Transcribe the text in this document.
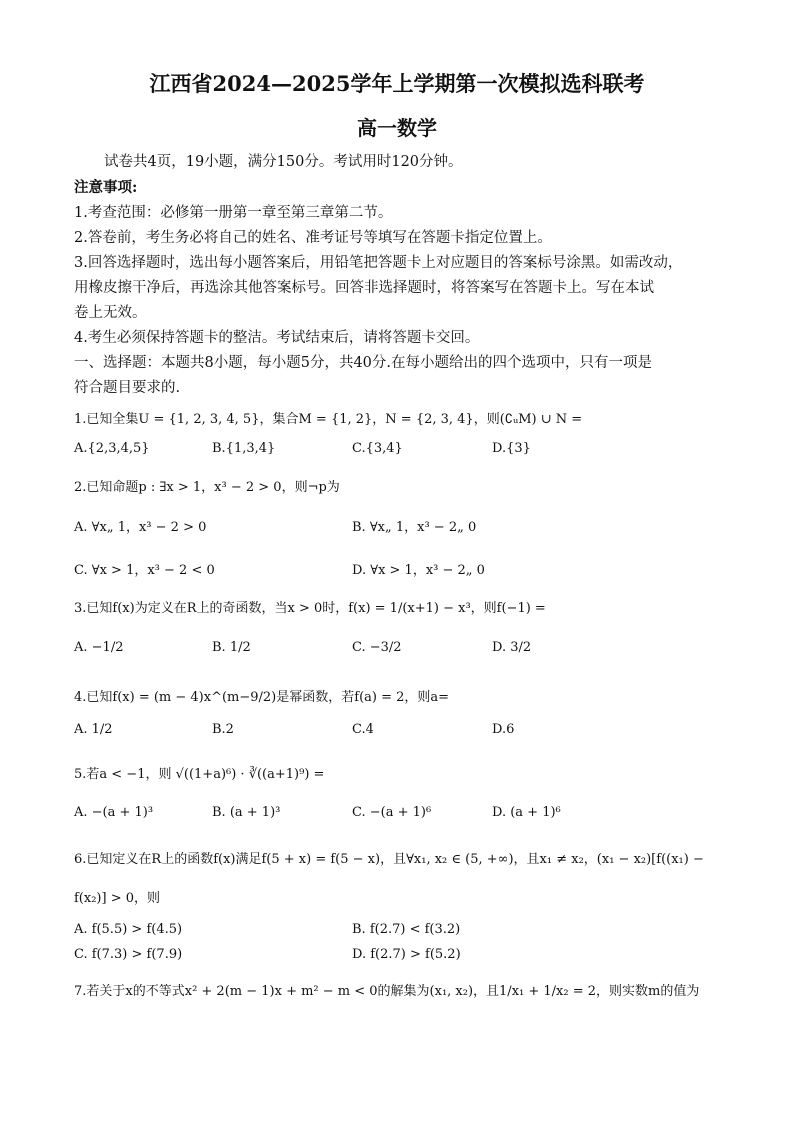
江西省2024—2025学年上学期第一次模拟选科联考
高一数学
试卷共4页，19小题，满分150分。考试用时120分钟。
注意事项:
1.考查范围：必修第一册第一章至第三章第二节。
2.答卷前，考生务必将自己的姓名、准考证号等填写在答题卡指定位置上。
3.回答选择题时，选出每小题答案后，用铅笔把答题卡上对应题目的答案标号涂黑。如需改动，
用橡皮擦干净后，再选涂其他答案标号。回答非选择题时，将答案写在答题卡上。写在本试
卷上无效。
4.考生必须保持答题卡的整洁。考试结束后，请将答题卡交回。
一、选择题：本题共8小题，每小题5分，共40分.在每小题给出的四个选项中，只有一项是
符合题目要求的.
1.已知全集U = {1, 2, 3, 4, 5}，集合M = {1, 2}，N = {2, 3, 4}，则(∁ᵤM) ∪ N =
A.{2,3,4,5}	B.{1,3,4}	C.{3,4}	D.{3}
2.已知命题p : ∃x > 1，x³ − 2 > 0，则¬p为
A. ∀x„ 1，x³ − 2 > 0	B. ∀x„ 1，x³ − 2„ 0
C. ∀x > 1，x³ − 2 < 0	D. ∀x > 1，x³ − 2„ 0
3.已知f(x)为定义在R上的奇函数，当x > 0时，f(x) = 1/(x+1) − x³，则f(−1) =
A. −1/2	B. 1/2	C. −3/2	D. 3/2
4.已知f(x) = (m − 4)x^(m−9/2)是幂函数，若f(a) = 2，则a=
A. 1/2	B.2	C.4	D.6
5.若a < −1，则 √((1+a)⁶) · ∛((a+1)⁹) =
A. −(a + 1)³	B. (a + 1)³	C. −(a + 1)⁶	D. (a + 1)⁶
6.已知定义在R上的函数f(x)满足f(5 + x) = f(5 − x)，且∀x₁, x₂ ∈ (5, +∞)，且x₁ ≠ x₂，(x₁ − x₂)[f((x₁) −
f(x₂)] > 0，则
A. f(5.5) > f(4.5)	B. f(2.7) < f(3.2)
C. f(7.3) > f(7.9)	D. f(2.7) > f(5.2)
7.若关于x的不等式x² + 2(m − 1)x + m² − m < 0的解集为(x₁, x₂)，且1/x₁ + 1/x₂ = 2，则实数m的值为
